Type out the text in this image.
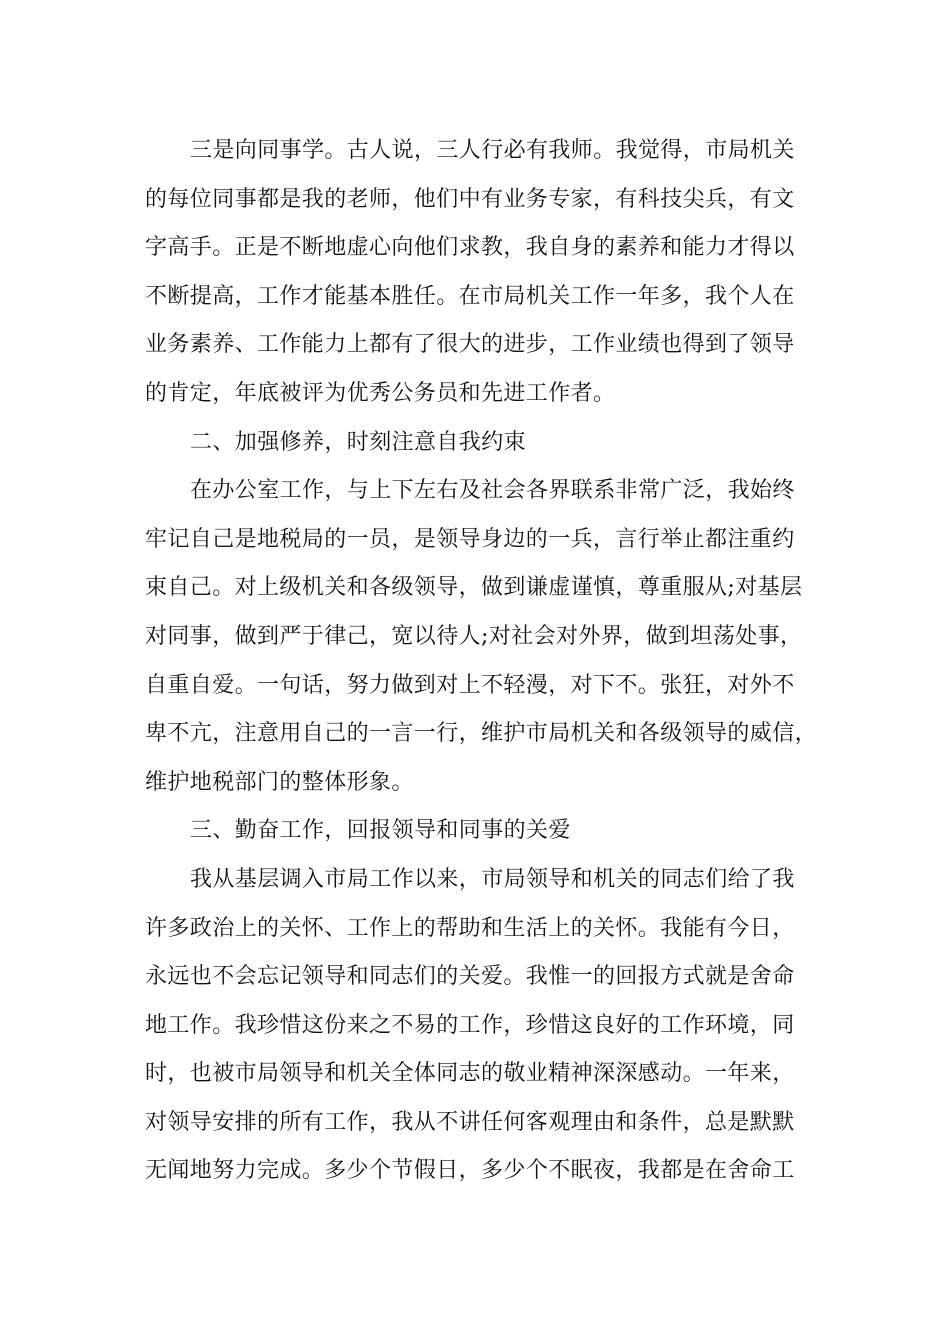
三是向同事学。古人说，三人行必有我师。我觉得，市局机关
的每位同事都是我的老师，他们中有业务专家，有科技尖兵，有文
字高手。正是不断地虚心向他们求教，我自身的素养和能力才得以
不断提高，工作才能基本胜任。在市局机关工作一年多，我个人在
业务素养、工作能力上都有了很大的进步，工作业绩也得到了领导
的肯定，年底被评为优秀公务员和先进工作者。
二、加强修养，时刻注意自我约束
在办公室工作，与上下左右及社会各界联系非常广泛，我始终
牢记自己是地税局的一员，是领导身边的一兵，言行举止都注重约
束自己。对上级机关和各级领导，做到谦虚谨慎，尊重服从;对基层
对同事，做到严于律己，宽以待人;对社会对外界，做到坦荡处事，
自重自爱。一句话，努力做到对上不轻漫，对下不。张狂，对外不
卑不亢，注意用自己的一言一行，维护市局机关和各级领导的威信，
维护地税部门的整体形象。
三、勤奋工作，回报领导和同事的关爱
我从基层调入市局工作以来，市局领导和机关的同志们给了我
许多政治上的关怀、工作上的帮助和生活上的关怀。我能有今日，
永远也不会忘记领导和同志们的关爱。我惟一的回报方式就是舍命
地工作。我珍惜这份来之不易的工作，珍惜这良好的工作环境，同
时，也被市局领导和机关全体同志的敬业精神深深感动。一年来，
对领导安排的所有工作，我从不讲任何客观理由和条件，总是默默
无闻地努力完成。多少个节假日，多少个不眠夜，我都是在舍命工
